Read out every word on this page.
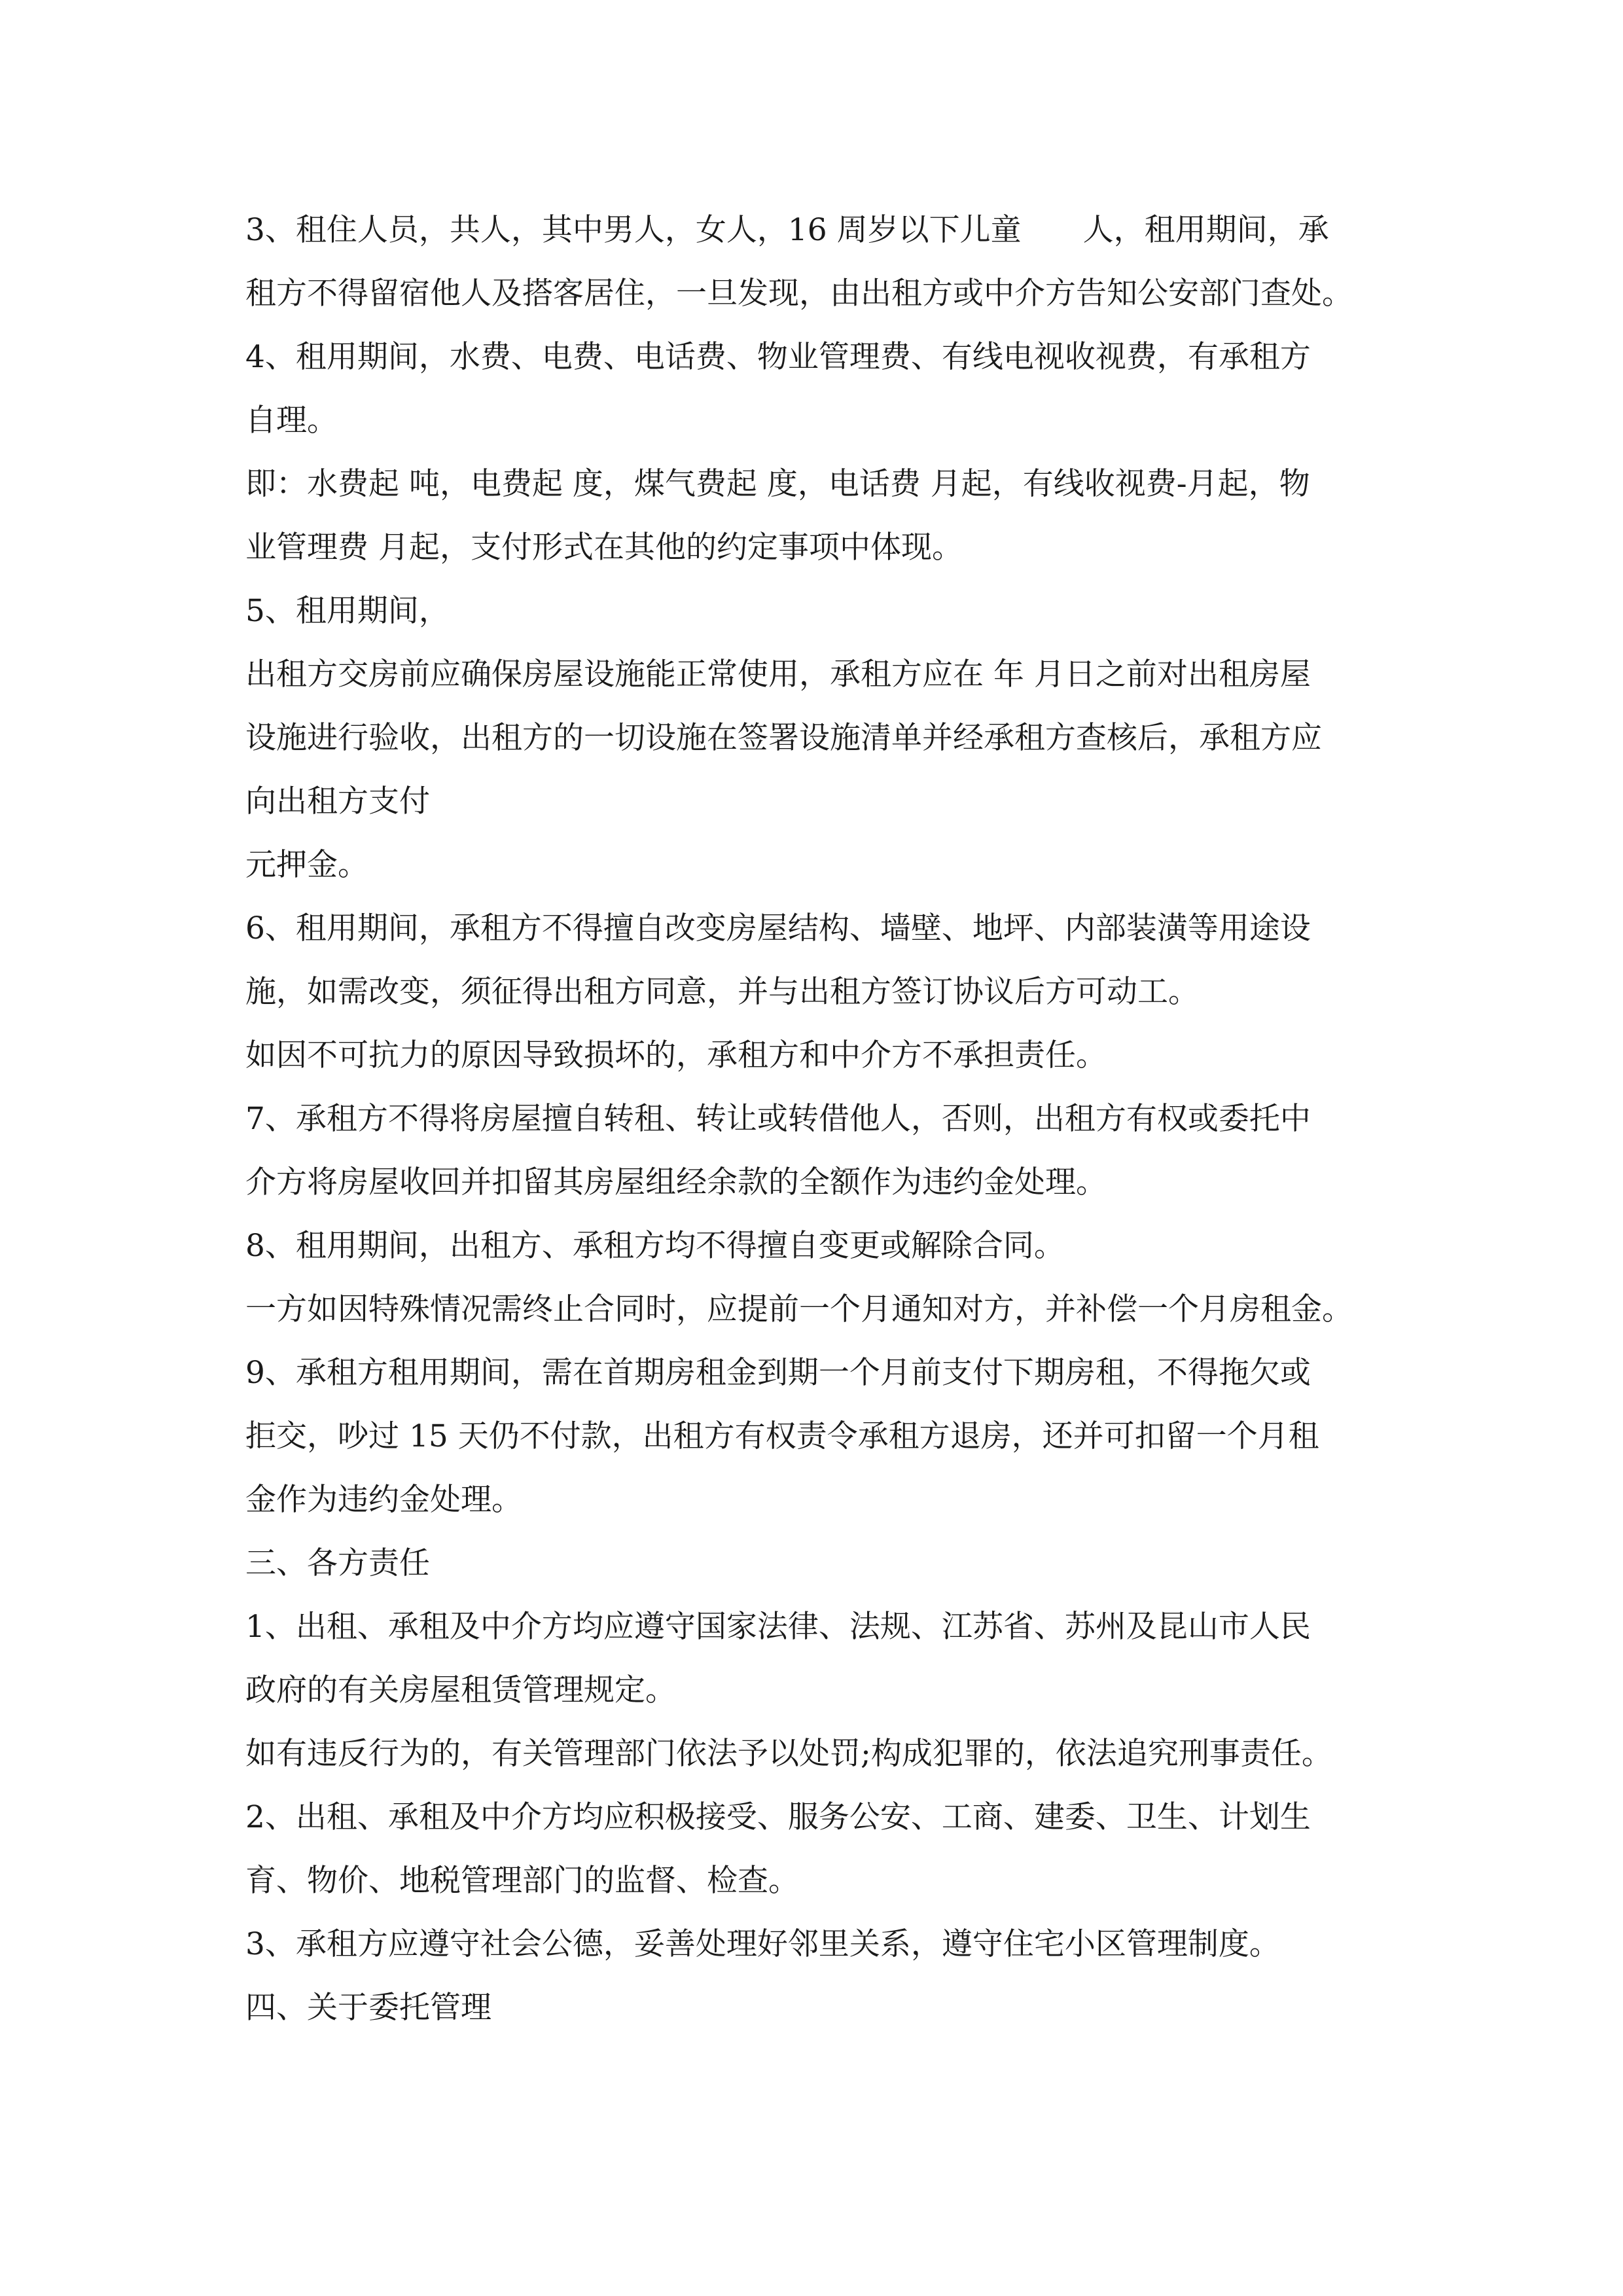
3、租住人员，共人，其中男人，女人，16 周岁以下儿童　　人，租用期间，承

租方不得留宿他人及搭客居住，一旦发现，由出租方或中介方告知公安部门查处。

4、租用期间，水费、电费、电话费、物业管理费、有线电视收视费，有承租方

自理。

即：水费起 吨，电费起 度，煤气费起 度，电话费 月起，有线收视费-月起，物

业管理费 月起，支付形式在其他的约定事项中体现。

5、租用期间，

出租方交房前应确保房屋设施能正常使用，承租方应在 年 月日之前对出租房屋

设施进行验收，出租方的一切设施在签署设施清单并经承租方查核后，承租方应

向出租方支付

元押金。

6、租用期间，承租方不得擅自改变房屋结构、墙壁、地坪、内部装潢等用途设

施，如需改变，须征得出租方同意，并与出租方签订协议后方可动工。

如因不可抗力的原因导致损坏的，承租方和中介方不承担责任。

7、承租方不得将房屋擅自转租、转让或转借他人，否则，出租方有权或委托中

介方将房屋收回并扣留其房屋组经余款的全额作为违约金处理。

8、租用期间，出租方、承租方均不得擅自变更或解除合同。

一方如因特殊情况需终止合同时，应提前一个月通知对方，并补偿一个月房租金。

9、承租方租用期间，需在首期房租金到期一个月前支付下期房租，不得拖欠或

拒交，吵过 15 天仍不付款，出租方有权责令承租方退房，还并可扣留一个月租

金作为违约金处理。

三、各方责任

1、出租、承租及中介方均应遵守国家法律、法规、江苏省、苏州及昆山市人民

政府的有关房屋租赁管理规定。

如有违反行为的，有关管理部门依法予以处罚;构成犯罪的，依法追究刑事责任。

2、出租、承租及中介方均应积极接受、服务公安、工商、建委、卫生、计划生

育、物价、地税管理部门的监督、检查。

3、承租方应遵守社会公德，妥善处理好邻里关系，遵守住宅小区管理制度。

四、关于委托管理
